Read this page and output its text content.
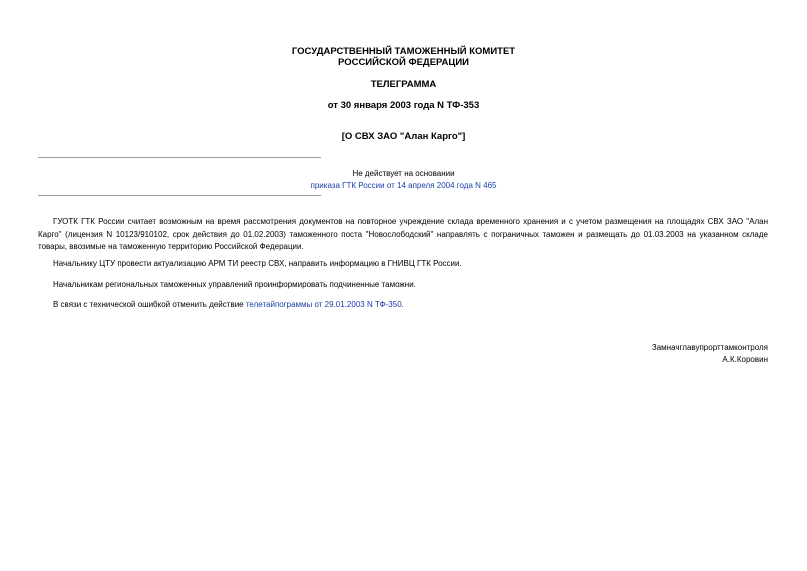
ГОСУДАРСТВЕННЫЙ ТАМОЖЕННЫЙ КОМИТЕТ
РОССИЙСКОЙ ФЕДЕРАЦИИ
ТЕЛЕГРАММА
от 30 января 2003 года N ТФ-353
[О СВХ ЗАО "Алан Карго"]
Не действует на основании
приказа ГТК России от 14 апреля 2004 года N 465
ГУОТК ГТК России считает возможным на время рассмотрения документов на повторное учреждение склада временного хранения и с учетом размещения на площадях СВХ ЗАО "Алан Карго" (лицензия N 10123/910102, срок действия до 01.02.2003) таможенного поста "Новослободский" направлять с пограничных таможен и размещать до 01.03.2003 на указанном складе товары, ввозимые на таможенную территорию Российской Федерации.
Начальнику ЦТУ провести актуализацию АРМ ТИ реестр СВХ, направить информацию в ГНИВЦ ГТК России.
Начальникам региональных таможенных управлений проинформировать подчиненные таможни.
В связи с технической ошибкой отменить действие телетайпограммы от 29.01.2003 N ТФ-350.
Замначглавупрорттамконтроля
А.К.Коровин
